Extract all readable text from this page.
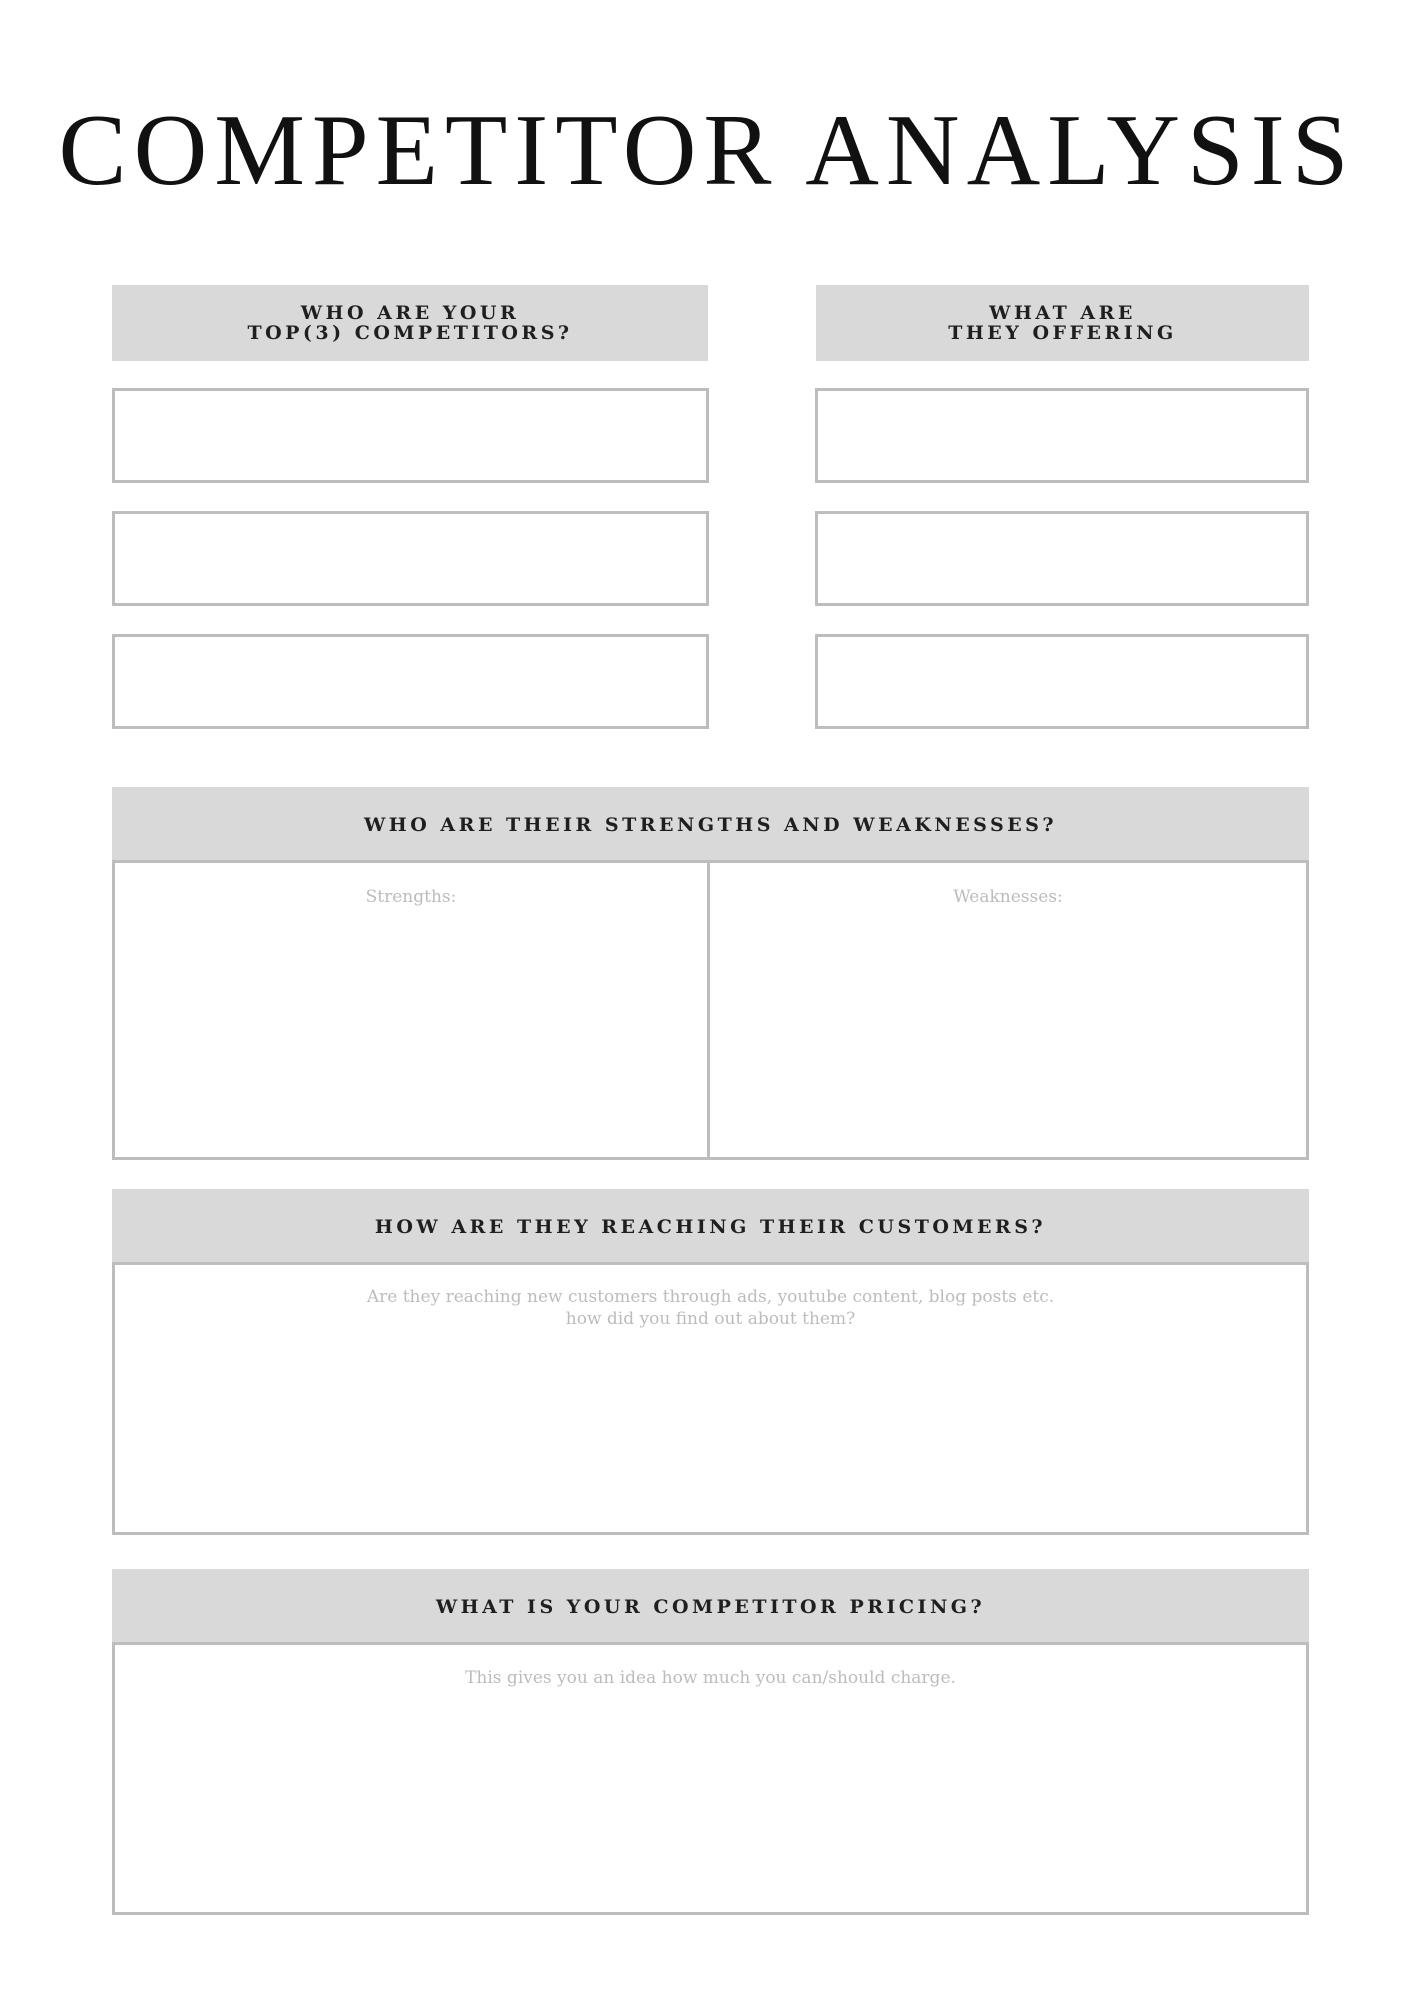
COMPETITOR ANALYSIS
WHO ARE YOUR
TOP(3) COMPETITORS?
WHAT ARE
THEY OFFERING
WHO ARE THEIR STRENGTHS AND WEAKNESSES?
Strengths:	Weaknesses:
HOW ARE THEY REACHING THEIR CUSTOMERS?
Are they reaching new customers through ads, youtube content, blog posts etc.
how did you find out about them?
WHAT IS YOUR COMPETITOR PRICING?
This gives you an idea how much you can/should charge.
